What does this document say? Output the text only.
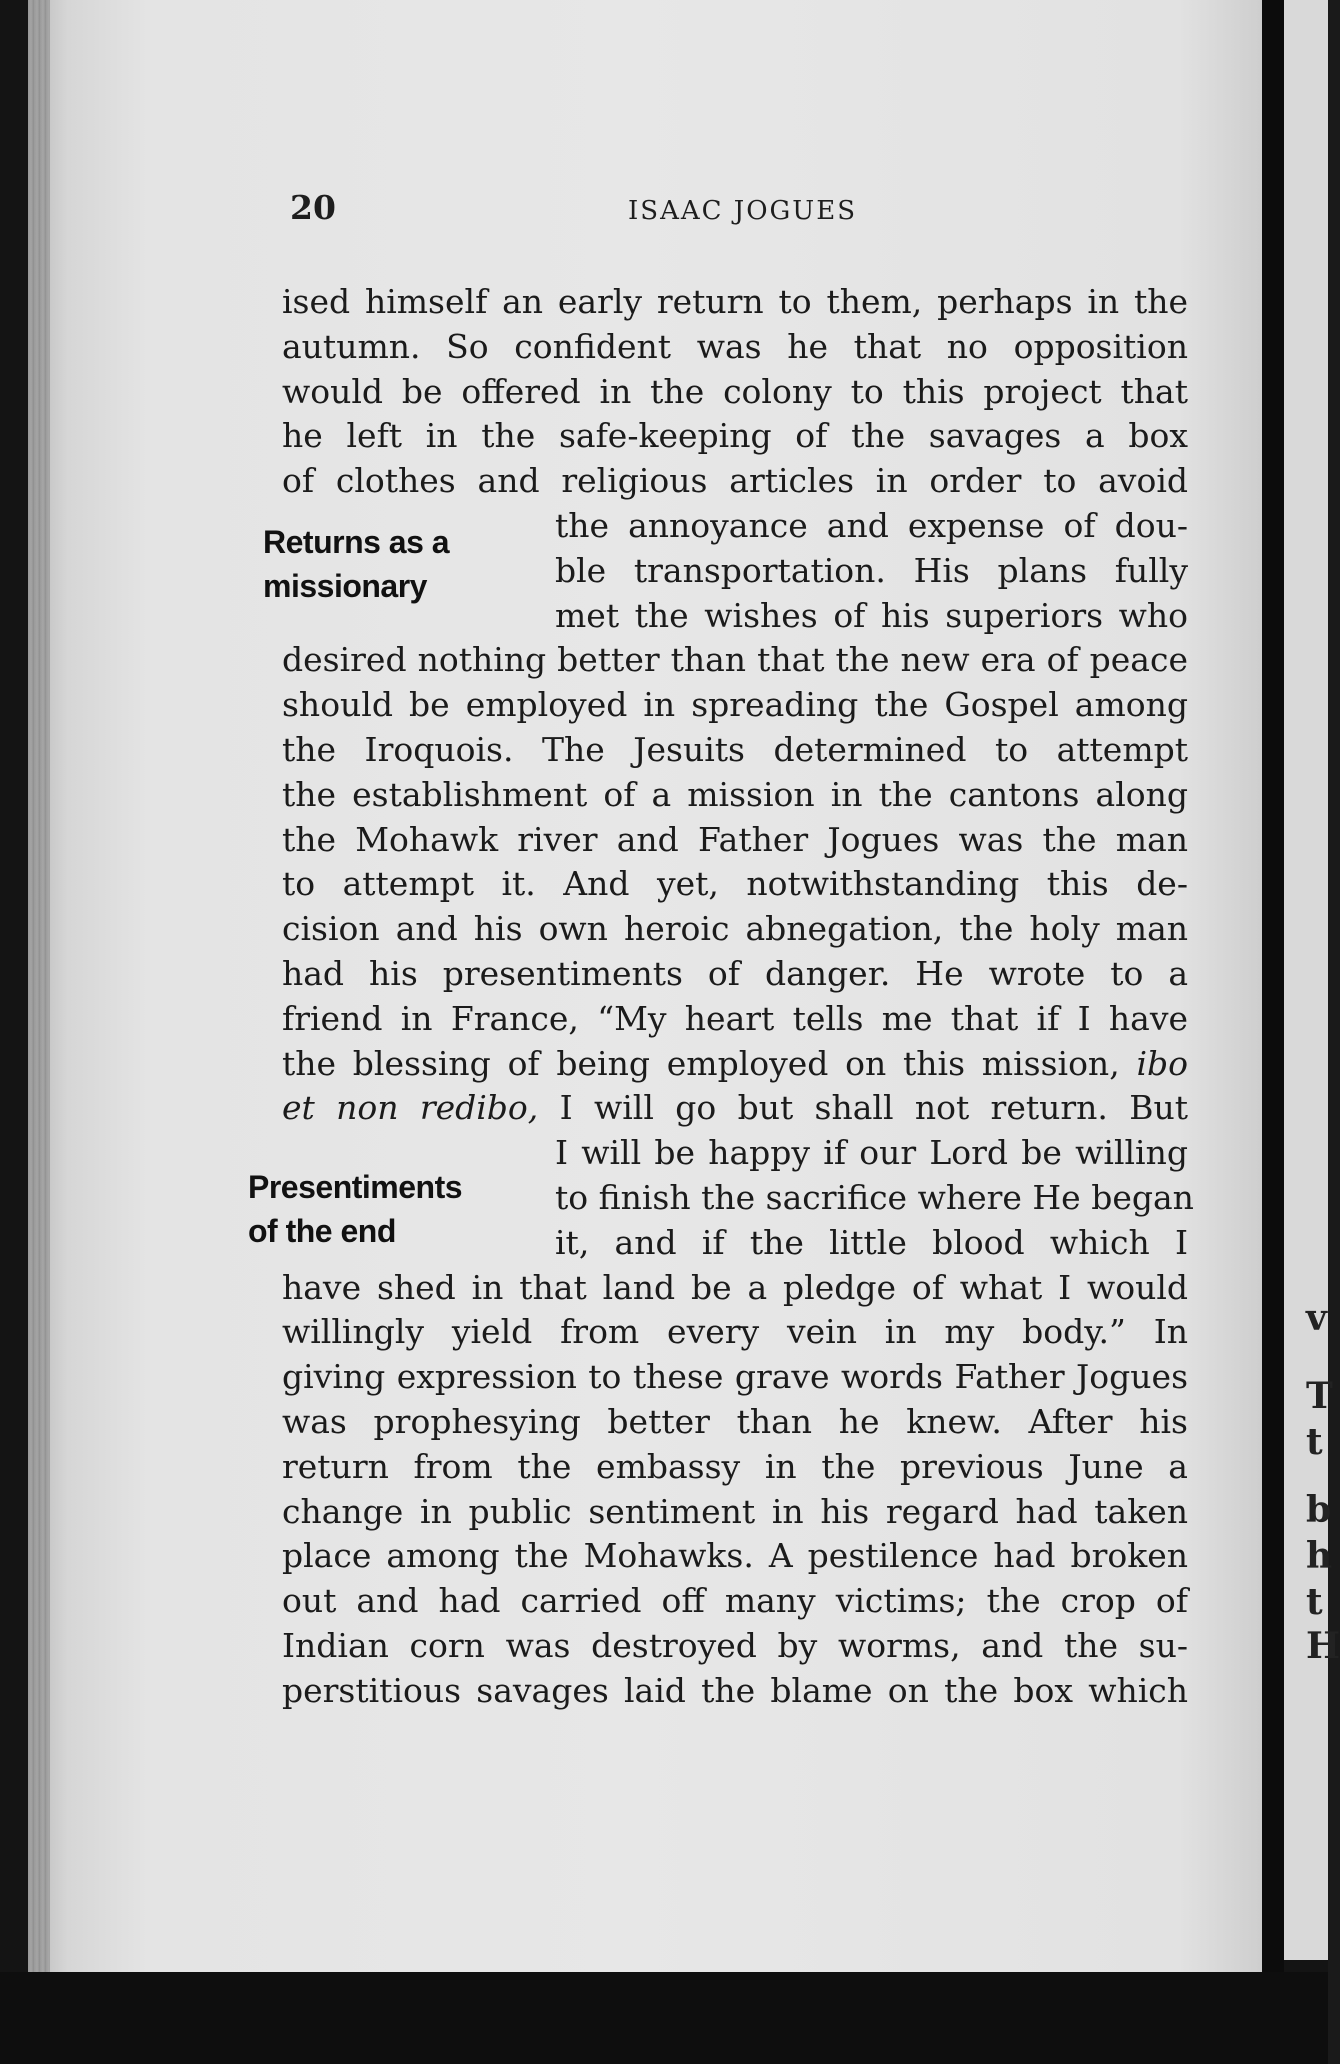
20	ISAAC JOGUES
Returns as a
missionary
Presentiments
of the end
ised himself an early return to them, perhaps in the
autumn. So confident was he that no opposition
would be offered in the colony to this project that
he left in the safe-keeping of the savages a box
of clothes and religious articles in order to avoid
the annoyance and expense of dou-
ble transportation. His plans fully
met the wishes of his superiors who
desired nothing better than that the new era of peace
should be employed in spreading the Gospel among
the Iroquois. The Jesuits determined to attempt
the establishment of a mission in the cantons along
the Mohawk river and Father Jogues was the man
to attempt it. And yet, notwithstanding this de-
cision and his own heroic abnegation, the holy man
had his presentiments of danger. He wrote to a
friend in France, “My heart tells me that if I have
the blessing of being employed on this mission, ibo
et non redibo, I will go but shall not return. But
I will be happy if our Lord be willing
to finish the sacrifice where He began
it, and if the little blood which I
have shed in that land be a pledge of what I would
willingly yield from every vein in my body.” In
giving expression to these grave words Father Jogues
was prophesying better than he knew. After his
return from the embassy in the previous June a
change in public sentiment in his regard had taken
place among the Mohawks. A pestilence had broken
out and had carried off many victims; the crop of
Indian corn was destroyed by worms, and the su-
perstitious savages laid the blame on the box which
v
T
t
b
h
t
H
